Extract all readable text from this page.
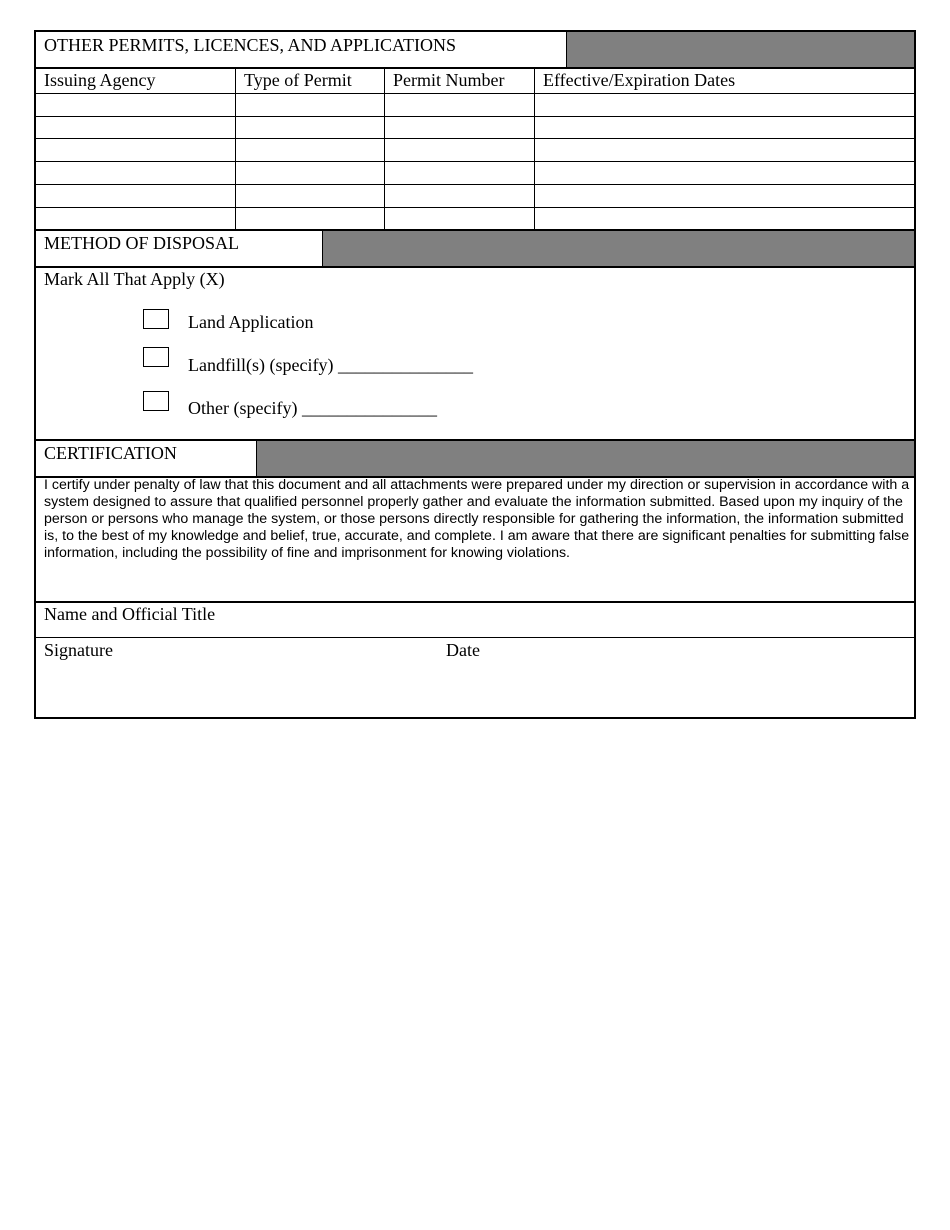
OTHER PERMITS, LICENCES, AND APPLICATIONS
Issuing Agency	Type of Permit Permit Number Effective/Expiration Dates
METHOD OF DISPOSAL
Mark All That Apply (X)
Land Application
Landfill(s) (specify) _______________
Other (specify) _______________
CERTIFICATION
I certify under penalty of law that this document and all attachments were prepared under my direction or supervision in accordance with a system designed to assure that qualified personnel properly gather and evaluate the information submitted. Based upon my inquiry of the person or persons who manage the system, or those persons directly responsible for gathering the information, the information submitted is, to the best of my knowledge and belief, true, accurate, and complete. I am aware that there are significant penalties for submitting false information, including the possibility of fine and imprisonment for knowing violations.
Name and Official Title
Signature	Date
